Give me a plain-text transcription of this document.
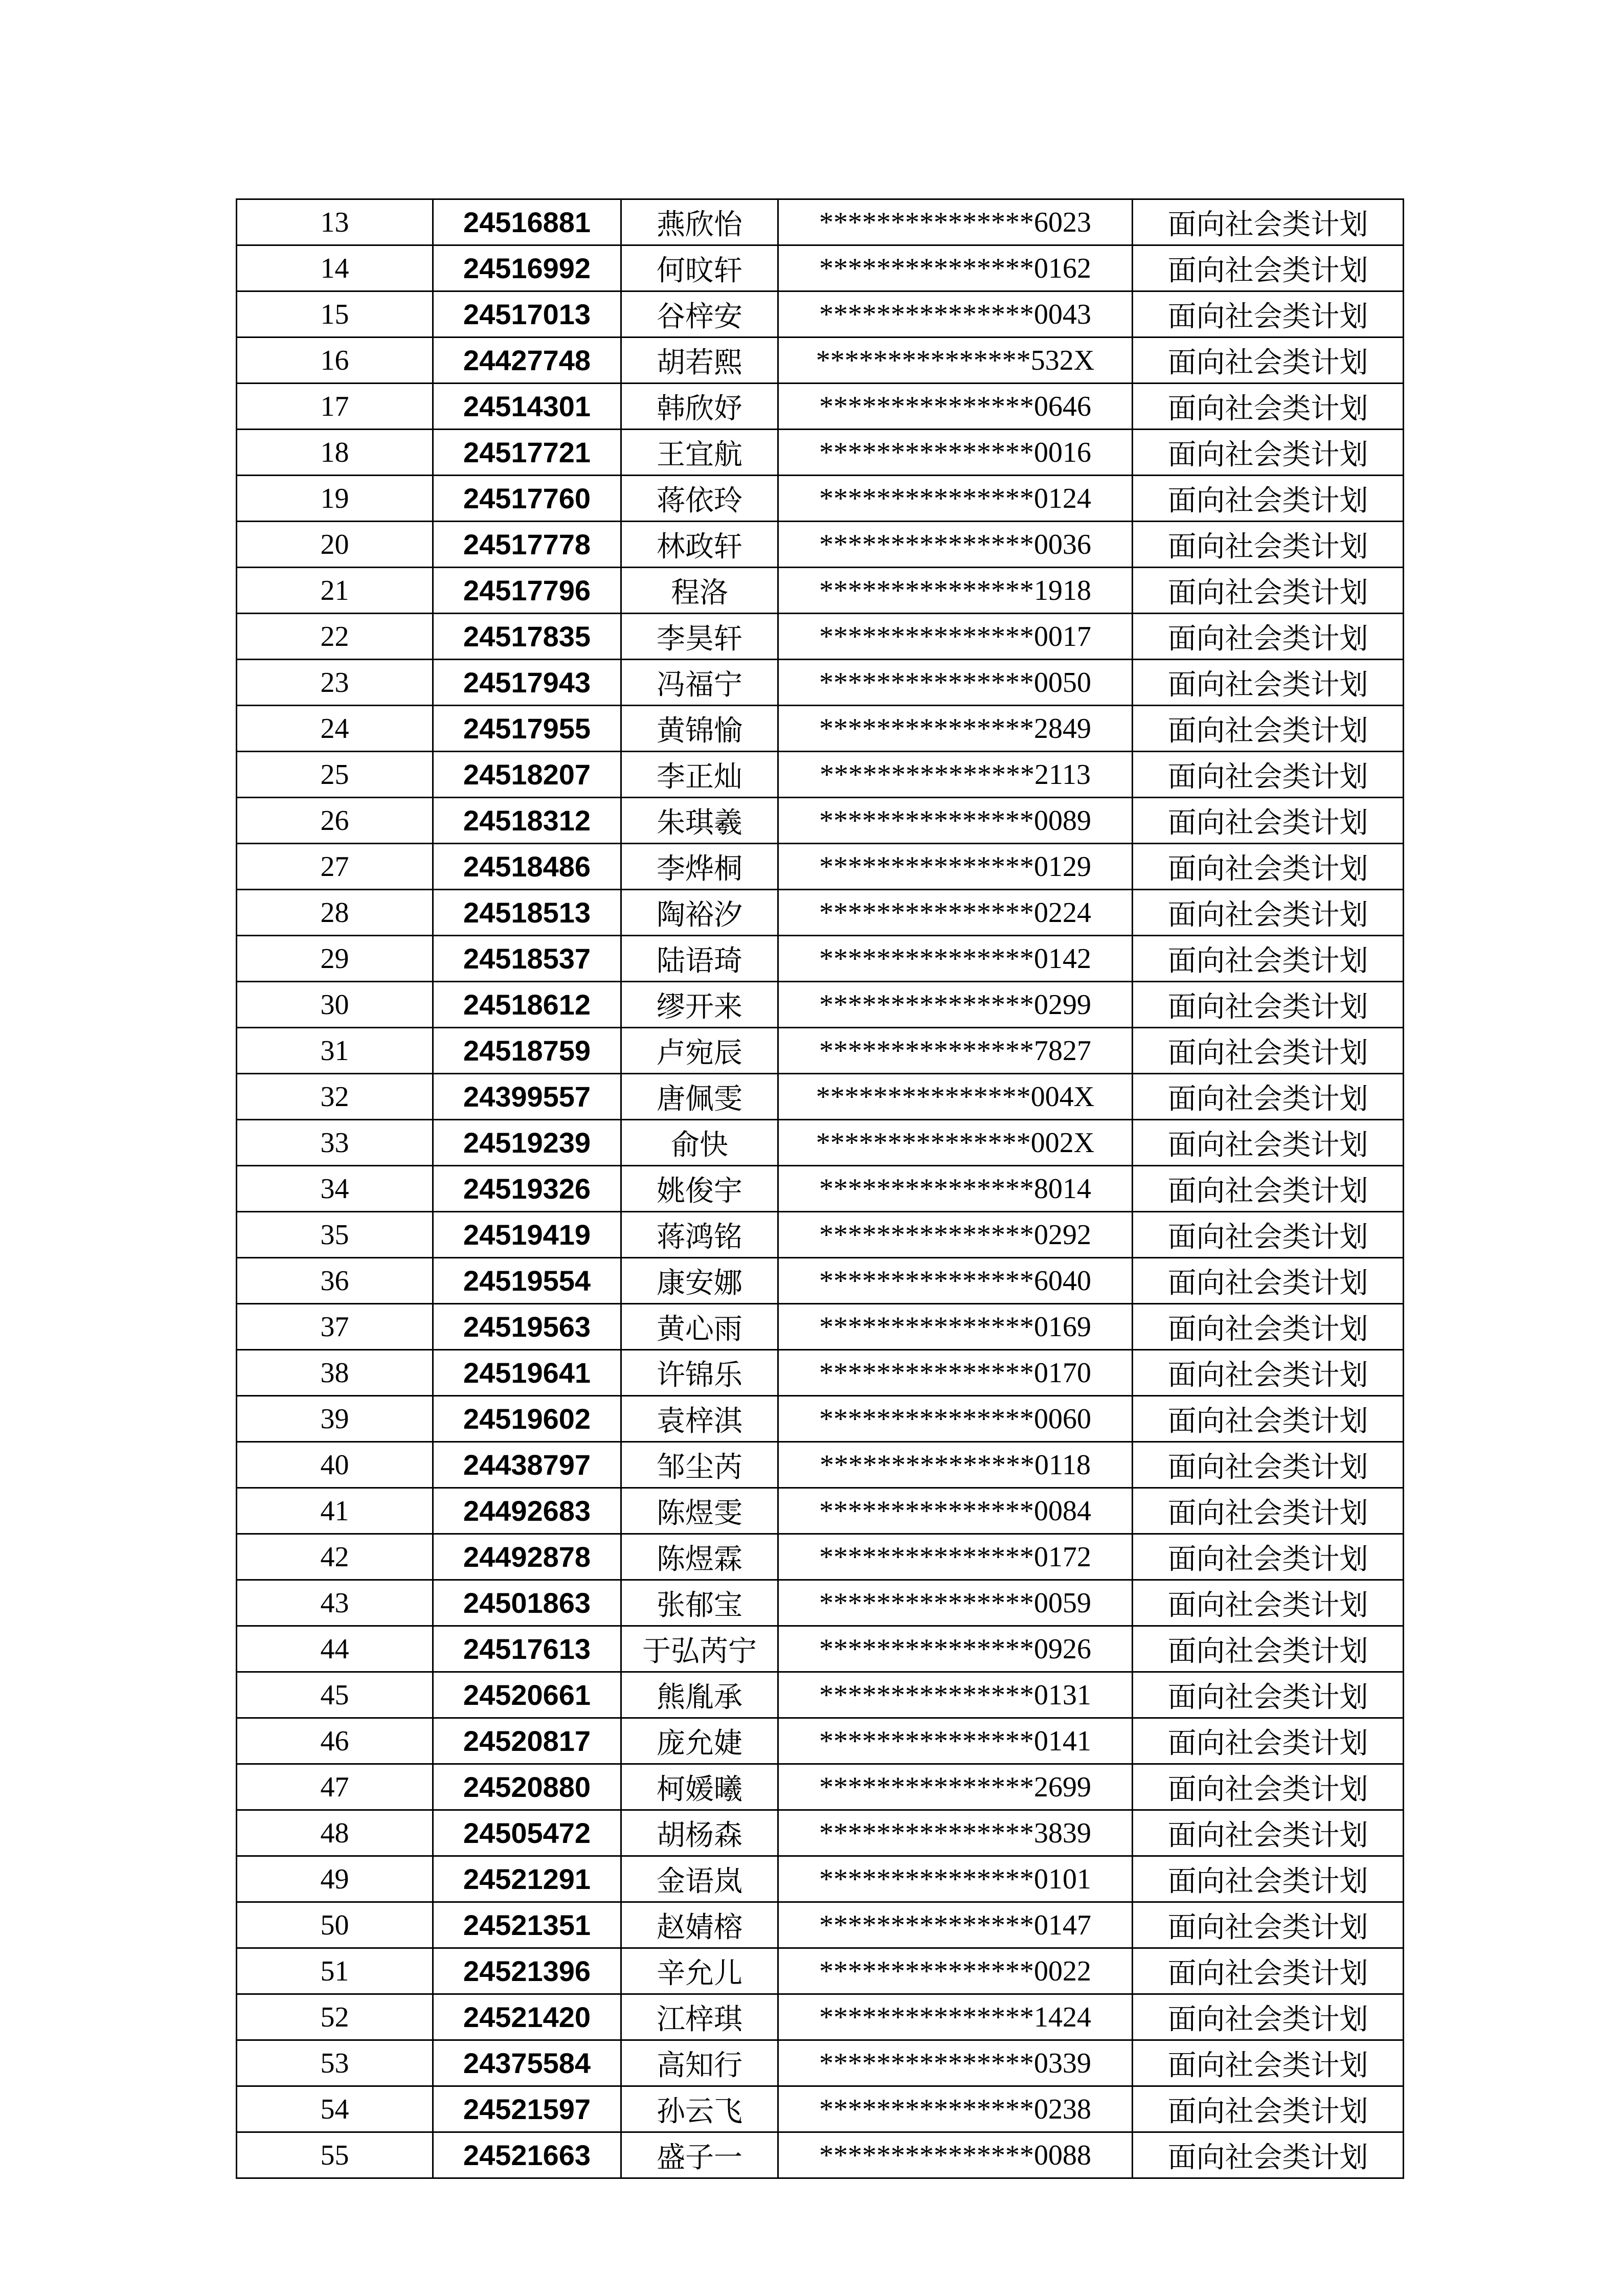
13	24516881	燕欣怡	***************6023	面向社会类计划
14	24516992	何旼轩	***************0162	面向社会类计划
15	24517013	谷梓安	***************0043	面向社会类计划
16	24427748	胡若熙	***************532X	面向社会类计划
17	24514301	韩欣妤	***************0646	面向社会类计划
18	24517721	王宜航	***************0016	面向社会类计划
19	24517760	蒋依玲	***************0124	面向社会类计划
20	24517778	林政轩	***************0036	面向社会类计划
21	24517796	程洛	***************1918	面向社会类计划
22	24517835	李昊轩	***************0017	面向社会类计划
23	24517943	冯福宁	***************0050	面向社会类计划
24	24517955	黄锦愉	***************2849	面向社会类计划
25	24518207	李正灿	***************2113	面向社会类计划
26	24518312	朱琪羲	***************0089	面向社会类计划
27	24518486	李烨桐	***************0129	面向社会类计划
28	24518513	陶裕汐	***************0224	面向社会类计划
29	24518537	陆语琦	***************0142	面向社会类计划
30	24518612	缪开来	***************0299	面向社会类计划
31	24518759	卢宛辰	***************7827	面向社会类计划
32	24399557	唐佩雯	***************004X	面向社会类计划
33	24519239	俞快	***************002X	面向社会类计划
34	24519326	姚俊宇	***************8014	面向社会类计划
35	24519419	蒋鸿铭	***************0292	面向社会类计划
36	24519554	康安娜	***************6040	面向社会类计划
37	24519563	黄心雨	***************0169	面向社会类计划
38	24519641	许锦乐	***************0170	面向社会类计划
39	24519602	袁梓淇	***************0060	面向社会类计划
40	24438797	邹尘芮	***************0118	面向社会类计划
41	24492683	陈煜雯	***************0084	面向社会类计划
42	24492878	陈煜霖	***************0172	面向社会类计划
43	24501863	张郁宝	***************0059	面向社会类计划
44	24517613	于弘芮宁	***************0926	面向社会类计划
45	24520661	熊胤承	***************0131	面向社会类计划
46	24520817	庞允婕	***************0141	面向社会类计划
47	24520880	柯媛曦	***************2699	面向社会类计划
48	24505472	胡杨森	***************3839	面向社会类计划
49	24521291	金语岚	***************0101	面向社会类计划
50	24521351	赵婧榕	***************0147	面向社会类计划
51	24521396	辛允儿	***************0022	面向社会类计划
52	24521420	江梓琪	***************1424	面向社会类计划
53	24375584	高知行	***************0339	面向社会类计划
54	24521597	孙云飞	***************0238	面向社会类计划
55	24521663	盛子一	***************0088	面向社会类计划
